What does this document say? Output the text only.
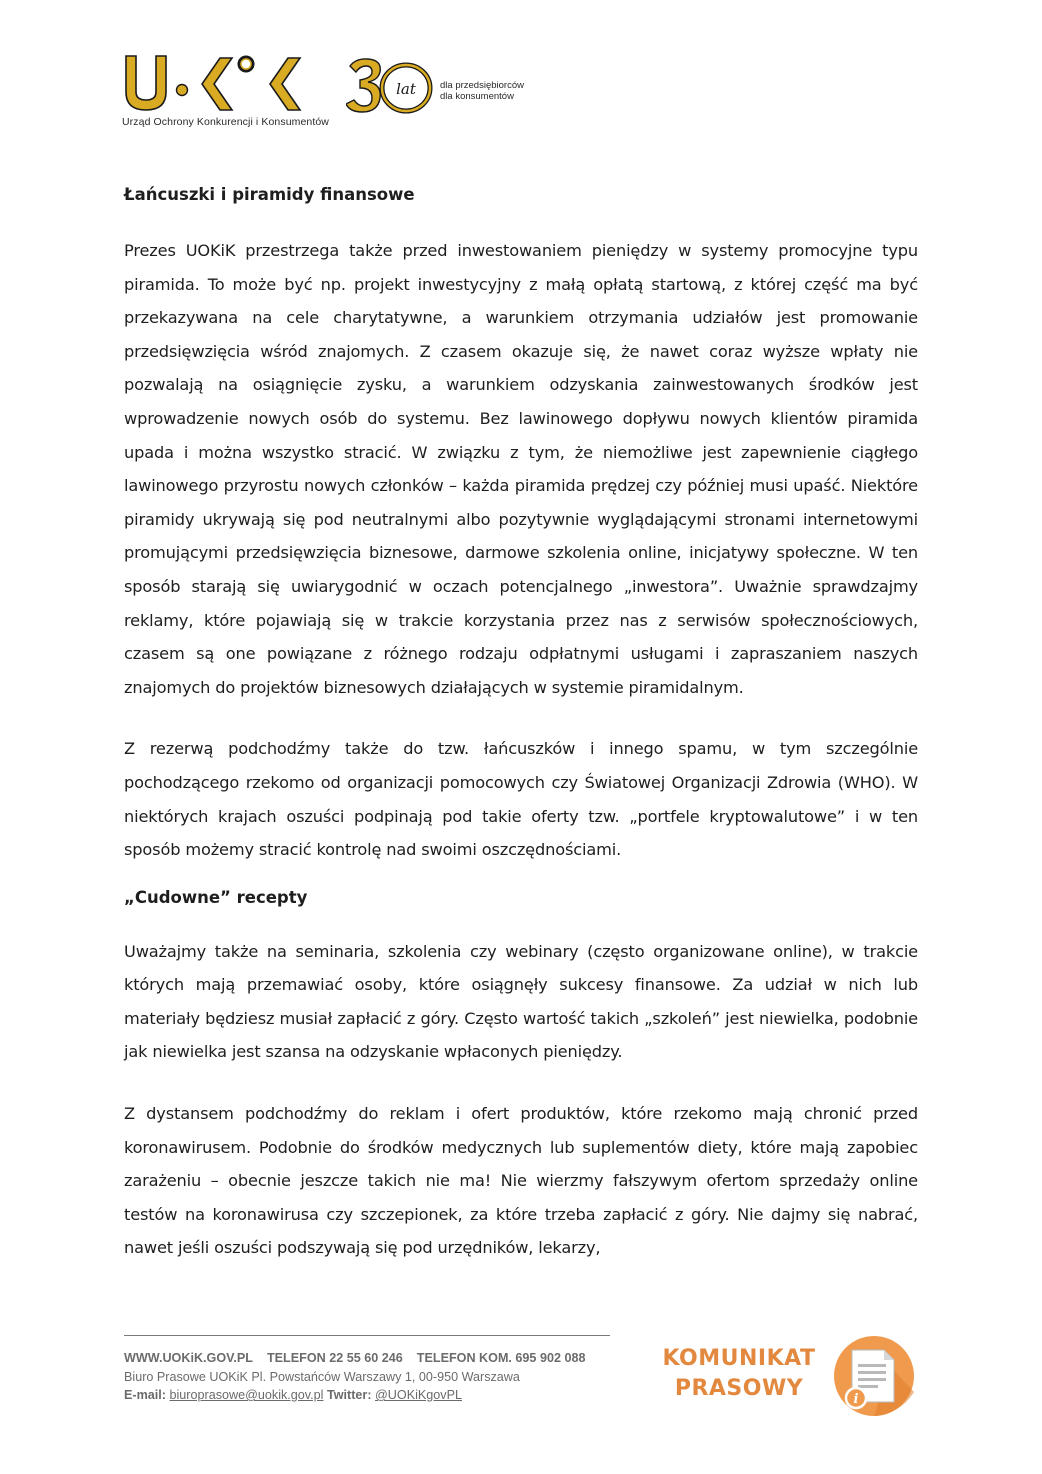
Urząd Ochrony Konkurencji i Konsumentów
lat	dla przedsiębiorców
dla konsumentów
Łańcuszki i piramidy finansowe

Prezes UOKiK przestrzega także przed inwestowaniem pieniędzy w systemy promocyjne typu piramida. To może być np. projekt inwestycyjny z małą opłatą startową, z której część ma być przekazywana na cele charytatywne, a warunkiem otrzymania udziałów jest promowanie przedsięwzięcia wśród znajomych. Z czasem okazuje się, że nawet coraz wyższe wpłaty nie pozwalają na osiągnięcie zysku, a warunkiem odzyskania zainwestowanych środków jest wprowadzenie nowych osób do systemu. Bez lawinowego dopływu nowych klientów piramida upada i można wszystko stracić. W związku z tym, że niemożliwe jest zapewnienie ciągłego lawinowego przyrostu nowych członków – każda piramida prędzej czy później musi upaść. Niektóre piramidy ukrywają się pod neutralnymi albo pozytywnie wyglądającymi stronami internetowymi promującymi przedsięwzięcia biznesowe, darmowe szkolenia online, inicjatywy społeczne. W ten sposób starają się uwiarygodnić w oczach potencjalnego „inwestora”. Uważnie sprawdzajmy reklamy, które pojawiają się w trakcie korzystania przez nas z serwisów społecznościowych, czasem są one powiązane z różnego rodzaju odpłatnymi usługami i zapraszaniem naszych znajomych do projektów biznesowych działających w systemie piramidalnym.

Z rezerwą podchodźmy także do tzw. łańcuszków i innego spamu, w tym szczególnie pochodzącego rzekomo od organizacji pomocowych czy Światowej Organizacji Zdrowia (WHO). W niektórych krajach oszuści podpinają pod takie oferty tzw. „portfele kryptowalutowe” i w ten sposób możemy stracić kontrolę nad swoimi oszczędnościami.

„Cudowne” recepty

Uważajmy także na seminaria, szkolenia czy webinary (często organizowane online), w trakcie których mają przemawiać osoby, które osiągnęły sukcesy finansowe. Za udział w nich lub materiały będziesz musiał zapłacić z góry. Często wartość takich „szkoleń” jest niewielka, podobnie jak niewielka jest szansa na odzyskanie wpłaconych pieniędzy.

Z dystansem podchodźmy do reklam i ofert produktów, które rzekomo mają chronić przed koronawirusem. Podobnie do środków medycznych lub suplementów diety, które mają zapobiec zarażeniu – obecnie jeszcze takich nie ma! Nie wierzmy fałszywym ofertom sprzedaży online testów na koronawirusa czy szczepionek, za które trzeba zapłacić z góry. Nie dajmy się nabrać, nawet jeśli oszuści podszywają się pod urzędników, lekarzy,

WWW.UOKiK.GOV.PL TELEFON 22 55 60 246 TELEFON KOM. 695 902 088
Biuro Prasowe UOKiK Pl. Powstańców Warszawy 1, 00-950 Warszawa
E-mail: biuroprasowe@uokik.gov.pl Twitter: @UOKiKgovPL
KOMUNIKAT
PRASOWY	i
